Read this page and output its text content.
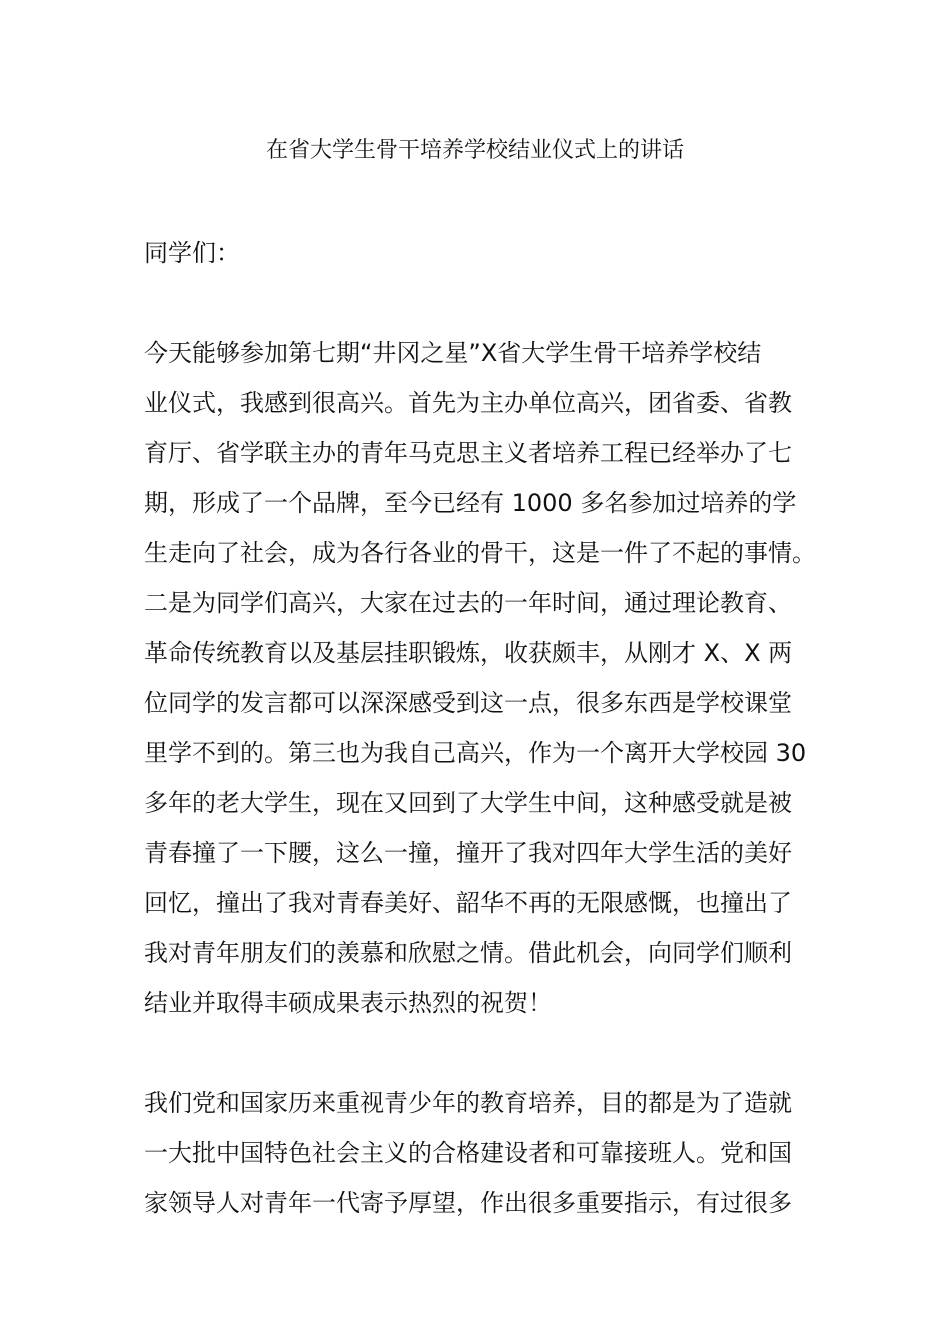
在省大学生骨干培养学校结业仪式上的讲话

同学们：

今天能够参加第七期“井冈之星”X省大学生骨干培养学校结

业仪式，我感到很高兴。首先为主办单位高兴，团省委、省教

育厅、省学联主办的青年马克思主义者培养工程已经举办了七

期，形成了一个品牌，至今已经有 1000 多名参加过培养的学

生走向了社会，成为各行各业的骨干，这是一件了不起的事情。

二是为同学们高兴，大家在过去的一年时间，通过理论教育、

革命传统教育以及基层挂职锻炼，收获颇丰，从刚才 X、X 两

位同学的发言都可以深深感受到这一点，很多东西是学校课堂

里学不到的。第三也为我自己高兴，作为一个离开大学校园 30

多年的老大学生，现在又回到了大学生中间，这种感受就是被

青春撞了一下腰，这么一撞，撞开了我对四年大学生活的美好

回忆，撞出了我对青春美好、韶华不再的无限感慨，也撞出了

我对青年朋友们的羡慕和欣慰之情。借此机会，向同学们顺利

结业并取得丰硕成果表示热烈的祝贺！

我们党和国家历来重视青少年的教育培养，目的都是为了造就

一大批中国特色社会主义的合格建设者和可靠接班人。党和国

家领导人对青年一代寄予厚望，作出很多重要指示，有过很多
